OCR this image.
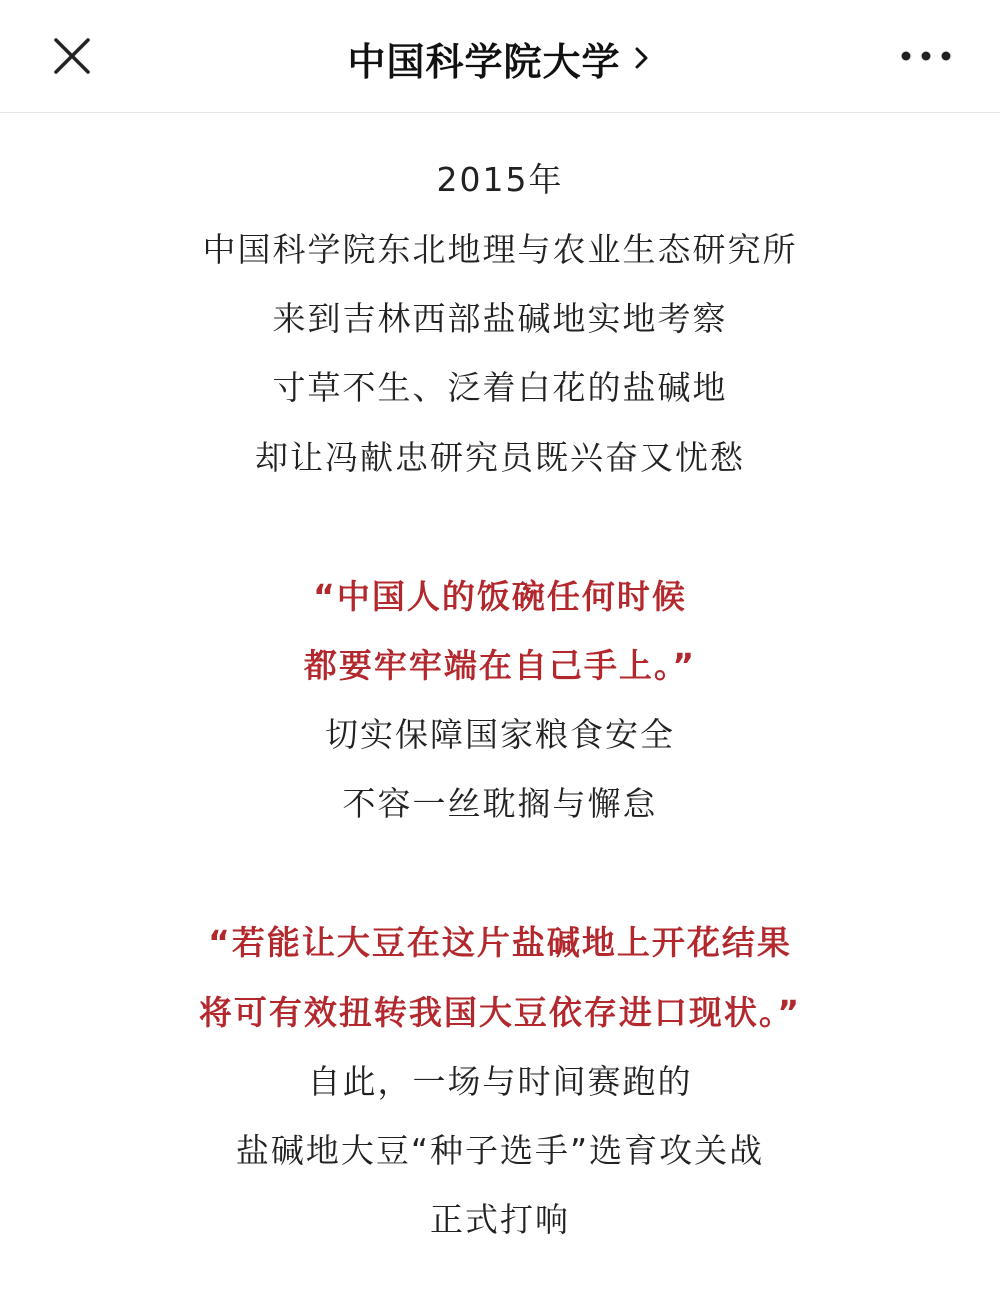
中国科学院大学
2015年
中国科学院东北地理与农业生态研究所
来到吉林西部盐碱地实地考察
寸草不生、泛着白花的盐碱地
却让冯献忠研究员既兴奋又忧愁
“中国人的饭碗任何时候
都要牢牢端在自己手上。”
切实保障国家粮食安全
不容一丝耽搁与懈怠
“若能让大豆在这片盐碱地上开花结果
将可有效扭转我国大豆依存进口现状。”
自此，一场与时间赛跑的
盐碱地大豆“种子选手”选育攻关战
正式打响
